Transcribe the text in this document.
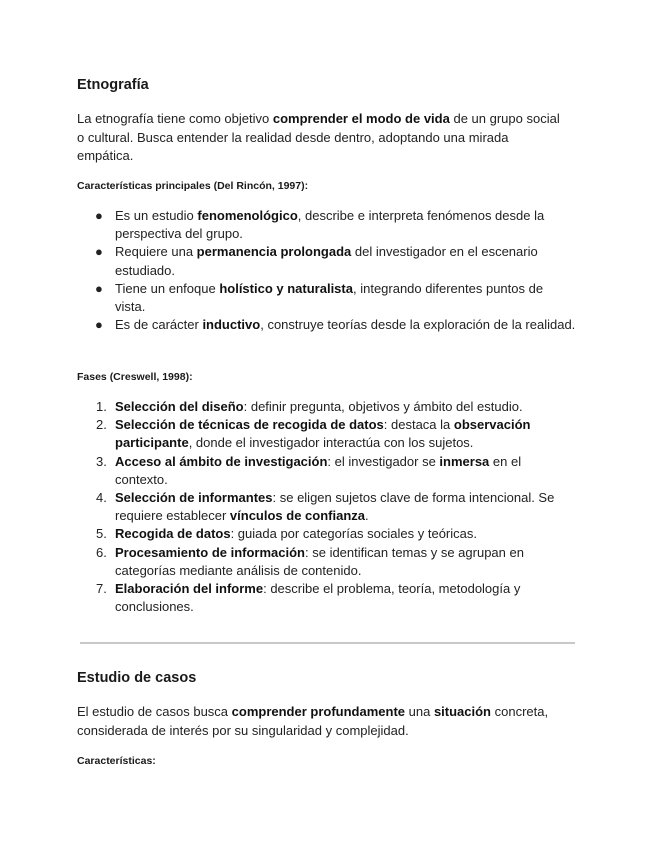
Etnografía

La etnografía tiene como objetivo comprender el modo de vida de un grupo social o cultural. Busca entender la realidad desde dentro, adoptando una mirada empática.

Características principales (Del Rincón, 1997):
● Es un estudio fenomenológico, describe e interpreta fenómenos desde la perspectiva del grupo.
● Requiere una permanencia prolongada del investigador en el escenario estudiado.
● Tiene un enfoque holístico y naturalista, integrando diferentes puntos de vista.
● Es de carácter inductivo, construye teorías desde la exploración de la realidad.
Fases (Creswell, 1998):
1. Selección del diseño: definir pregunta, objetivos y ámbito del estudio.
2. Selección de técnicas de recogida de datos: destaca la observación participante, donde el investigador interactúa con los sujetos.
3. Acceso al ámbito de investigación: el investigador se inmersa en el contexto.
4. Selección de informantes: se eligen sujetos clave de forma intencional. Se requiere establecer vínculos de confianza.
5. Recogida de datos: guiada por categorías sociales y teóricas.
6. Procesamiento de información: se identifican temas y se agrupan en categorías mediante análisis de contenido.
7. Elaboración del informe: describe el problema, teoría, metodología y conclusiones.
Estudio de casos

El estudio de casos busca comprender profundamente una situación concreta, considerada de interés por su singularidad y complejidad.

Características:
